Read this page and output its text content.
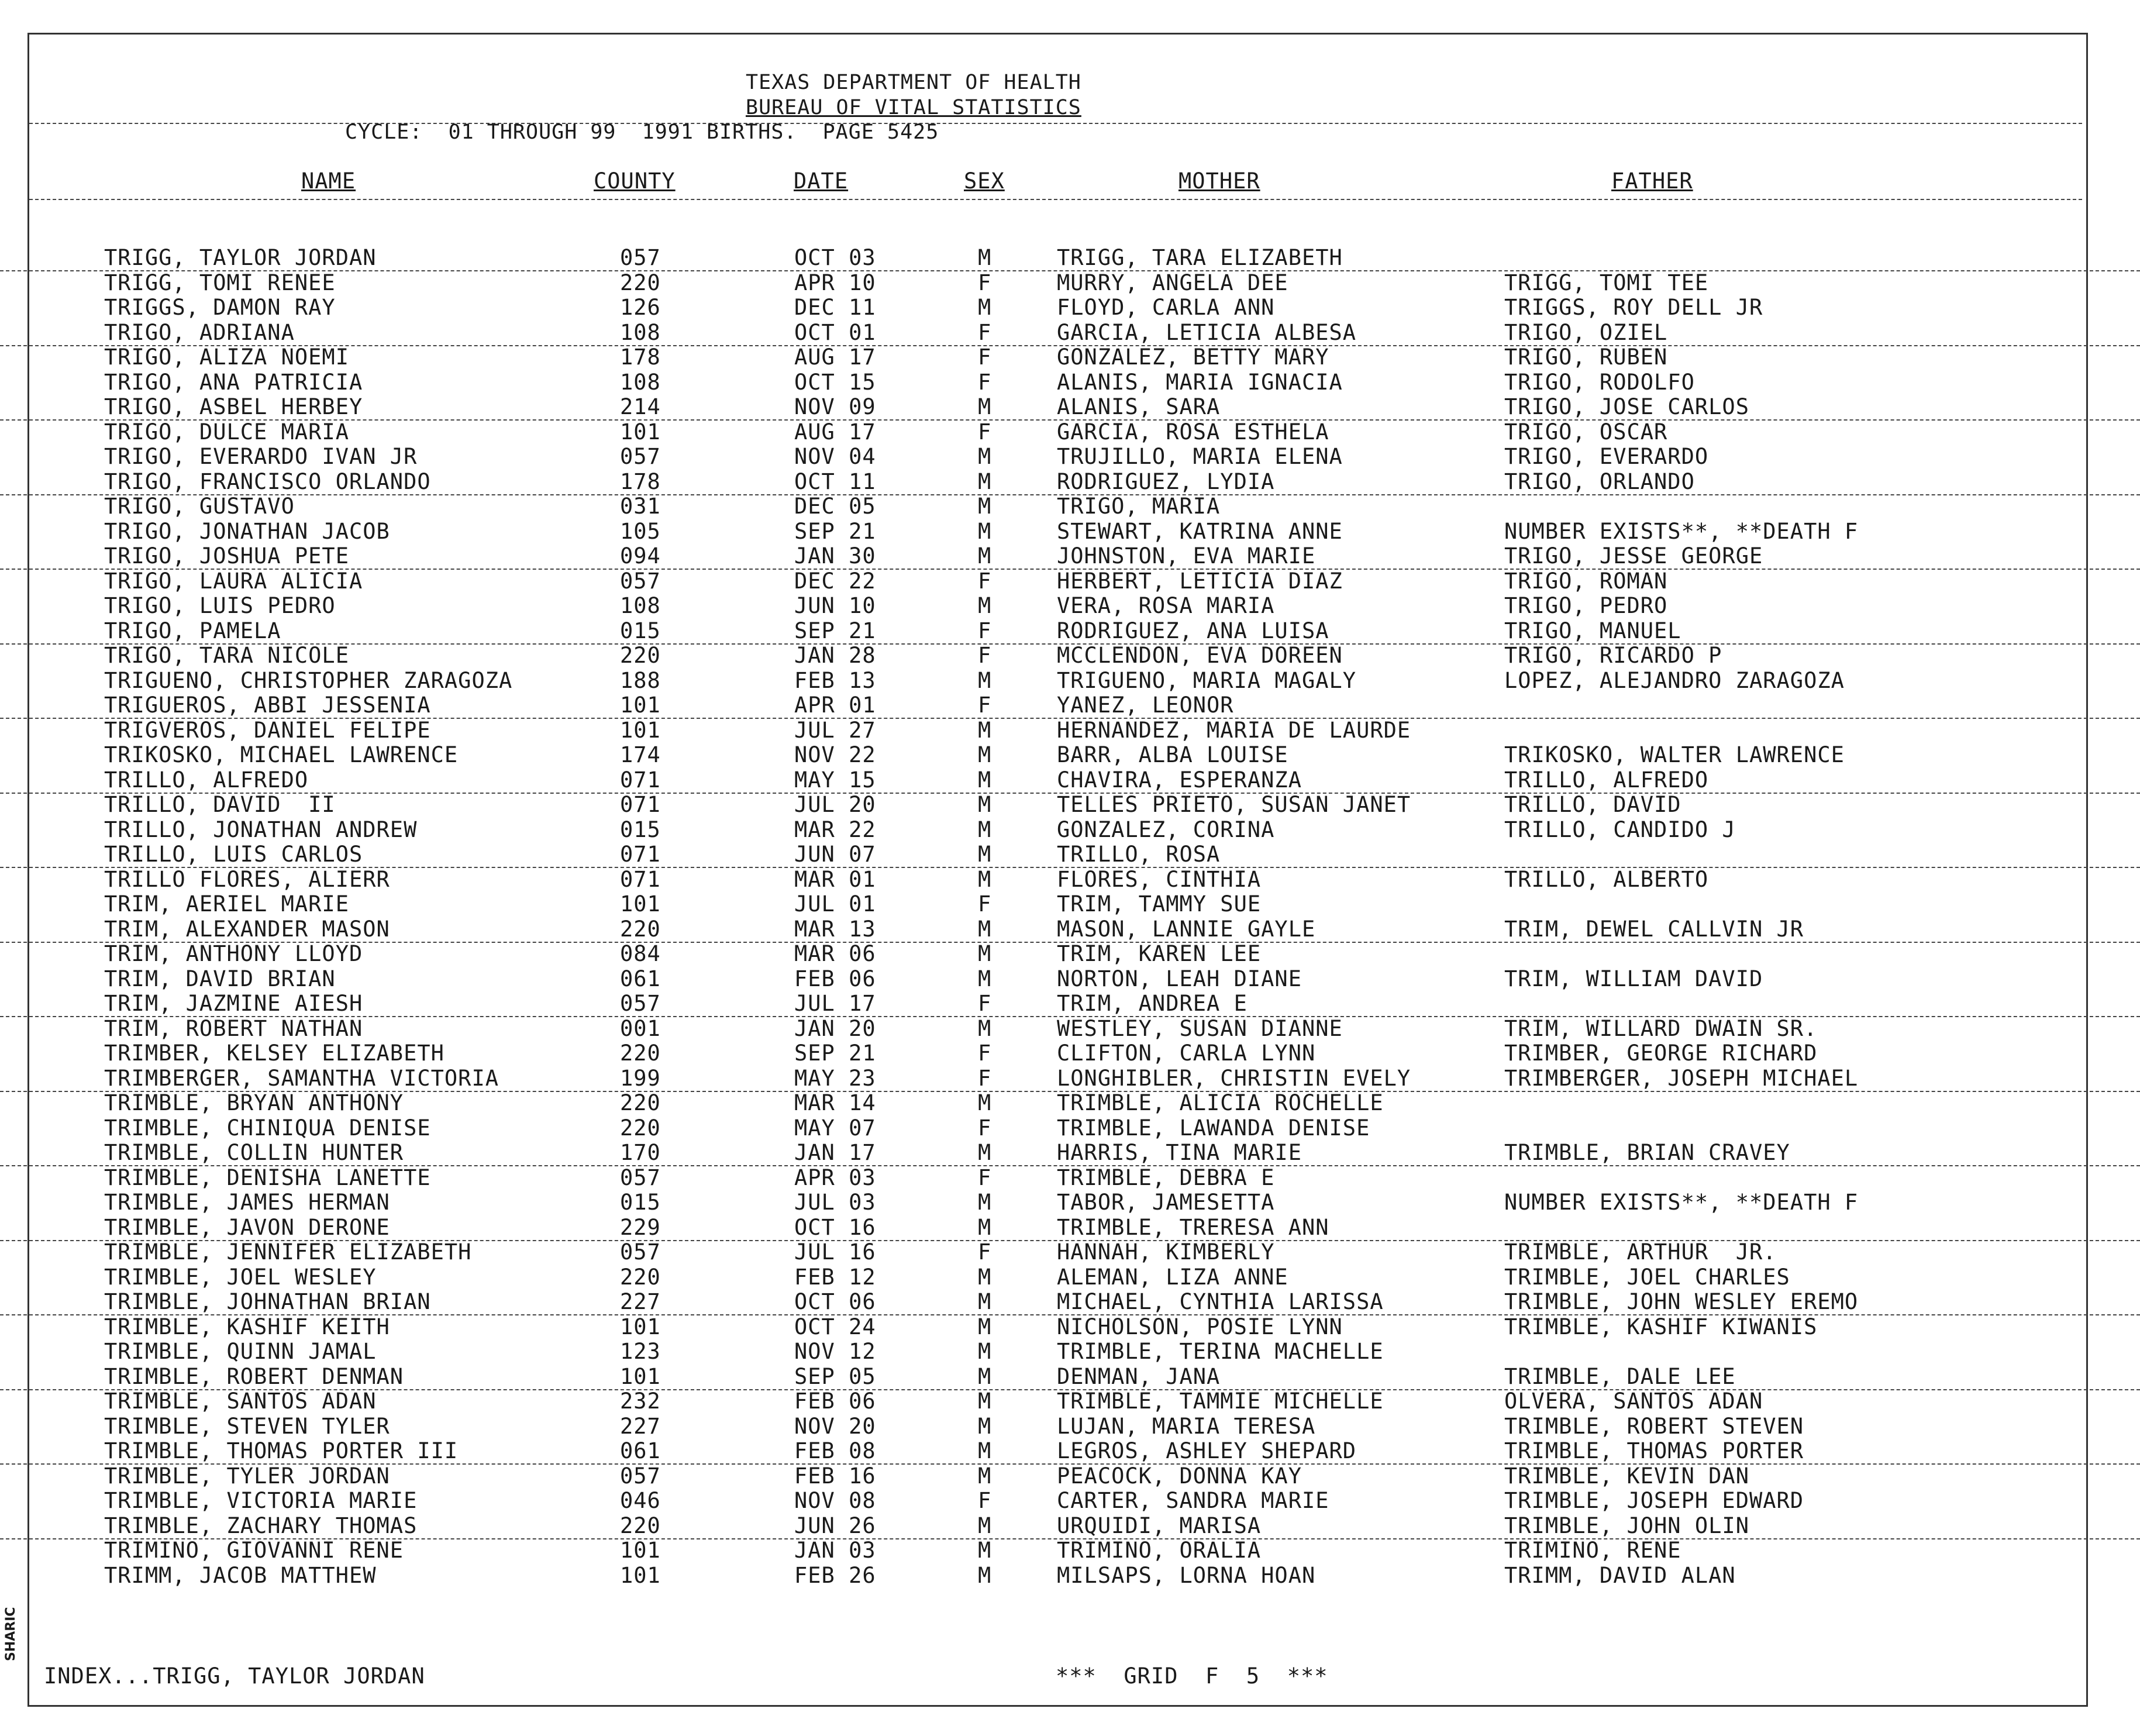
TEXAS DEPARTMENT OF HEALTH
BUREAU OF VITAL STATISTICS
CYCLE:  01 THROUGH 99  1991 BIRTHS.  PAGE 5425
NAME	COUNTY	DATE	SEX	MOTHER	FATHER
TRIGG, TAYLOR JORDAN	057	OCT 03	M	TRIGG, TARA ELIZABETH
TRIGG, TOMI RENEE	220	APR 10	F	MURRY, ANGELA DEE	TRIGG, TOMI TEE
TRIGGS, DAMON RAY	126	DEC 11	M	FLOYD, CARLA ANN	TRIGGS, ROY DELL JR
TRIGO, ADRIANA	108	OCT 01	F	GARCIA, LETICIA ALBESA	TRIGO, OZIEL
TRIGO, ALIZA NOEMI	178	AUG 17	F	GONZALEZ, BETTY MARY	TRIGO, RUBEN
TRIGO, ANA PATRICIA	108	OCT 15	F	ALANIS, MARIA IGNACIA	TRIGO, RODOLFO
TRIGO, ASBEL HERBEY	214	NOV 09	M	ALANIS, SARA	TRIGO, JOSE CARLOS
TRIGO, DULCE MARIA	101	AUG 17	F	GARCIA, ROSA ESTHELA	TRIGO, OSCAR
TRIGO, EVERARDO IVAN JR	057	NOV 04	M	TRUJILLO, MARIA ELENA	TRIGO, EVERARDO
TRIGO, FRANCISCO ORLANDO	178	OCT 11	M	RODRIGUEZ, LYDIA	TRIGO, ORLANDO
TRIGO, GUSTAVO	031	DEC 05	M	TRIGO, MARIA
TRIGO, JONATHAN JACOB	105	SEP 21	M	STEWART, KATRINA ANNE	NUMBER EXISTS**, **DEATH F
TRIGO, JOSHUA PETE	094	JAN 30	M	JOHNSTON, EVA MARIE	TRIGO, JESSE GEORGE
TRIGO, LAURA ALICIA	057	DEC 22	F	HERBERT, LETICIA DIAZ	TRIGO, ROMAN
TRIGO, LUIS PEDRO	108	JUN 10	M	VERA, ROSA MARIA	TRIGO, PEDRO
TRIGO, PAMELA	015	SEP 21	F	RODRIGUEZ, ANA LUISA	TRIGO, MANUEL
TRIGO, TARA NICOLE	220	JAN 28	F	MCCLENDON, EVA DOREEN	TRIGO, RICARDO P
TRIGUENO, CHRISTOPHER ZARAGOZA	188	FEB 13	M	TRIGUENO, MARIA MAGALY	LOPEZ, ALEJANDRO ZARAGOZA
TRIGUEROS, ABBI JESSENIA	101	APR 01	F	YANEZ, LEONOR
TRIGVEROS, DANIEL FELIPE	101	JUL 27	M	HERNANDEZ, MARIA DE LAURDE
TRIKOSKO, MICHAEL LAWRENCE	174	NOV 22	M	BARR, ALBA LOUISE	TRIKOSKO, WALTER LAWRENCE
TRILLO, ALFREDO	071	MAY 15	M	CHAVIRA, ESPERANZA	TRILLO, ALFREDO
TRILLO, DAVID  II	071	JUL 20	M	TELLES PRIETO, SUSAN JANET	TRILLO, DAVID
TRILLO, JONATHAN ANDREW	015	MAR 22	M	GONZALEZ, CORINA	TRILLO, CANDIDO J
TRILLO, LUIS CARLOS	071	JUN 07	M	TRILLO, ROSA
TRILLO FLORES, ALIERR	071	MAR 01	M	FLORES, CINTHIA	TRILLO, ALBERTO
TRIM, AERIEL MARIE	101	JUL 01	F	TRIM, TAMMY SUE
TRIM, ALEXANDER MASON	220	MAR 13	M	MASON, LANNIE GAYLE	TRIM, DEWEL CALLVIN JR
TRIM, ANTHONY LLOYD	084	MAR 06	M	TRIM, KAREN LEE
TRIM, DAVID BRIAN	061	FEB 06	M	NORTON, LEAH DIANE	TRIM, WILLIAM DAVID
TRIM, JAZMINE AIESH	057	JUL 17	F	TRIM, ANDREA E
TRIM, ROBERT NATHAN	001	JAN 20	M	WESTLEY, SUSAN DIANNE	TRIM, WILLARD DWAIN SR.
TRIMBER, KELSEY ELIZABETH	220	SEP 21	F	CLIFTON, CARLA LYNN	TRIMBER, GEORGE RICHARD
TRIMBERGER, SAMANTHA VICTORIA	199	MAY 23	F	LONGHIBLER, CHRISTIN EVELY	TRIMBERGER, JOSEPH MICHAEL
TRIMBLE, BRYAN ANTHONY	220	MAR 14	M	TRIMBLE, ALICIA ROCHELLE
TRIMBLE, CHINIQUA DENISE	220	MAY 07	F	TRIMBLE, LAWANDA DENISE
TRIMBLE, COLLIN HUNTER	170	JAN 17	M	HARRIS, TINA MARIE	TRIMBLE, BRIAN CRAVEY
TRIMBLE, DENISHA LANETTE	057	APR 03	F	TRIMBLE, DEBRA E
TRIMBLE, JAMES HERMAN	015	JUL 03	M	TABOR, JAMESETTA	NUMBER EXISTS**, **DEATH F
TRIMBLE, JAVON DERONE	229	OCT 16	M	TRIMBLE, TRERESA ANN
TRIMBLE, JENNIFER ELIZABETH	057	JUL 16	F	HANNAH, KIMBERLY	TRIMBLE, ARTHUR  JR.
TRIMBLE, JOEL WESLEY	220	FEB 12	M	ALEMAN, LIZA ANNE	TRIMBLE, JOEL CHARLES
TRIMBLE, JOHNATHAN BRIAN	227	OCT 06	M	MICHAEL, CYNTHIA LARISSA	TRIMBLE, JOHN WESLEY EREMO
TRIMBLE, KASHIF KEITH	101	OCT 24	M	NICHOLSON, POSIE LYNN	TRIMBLE, KASHIF KIWANIS
TRIMBLE, QUINN JAMAL	123	NOV 12	M	TRIMBLE, TERINA MACHELLE
TRIMBLE, ROBERT DENMAN	101	SEP 05	M	DENMAN, JANA	TRIMBLE, DALE LEE
TRIMBLE, SANTOS ADAN	232	FEB 06	M	TRIMBLE, TAMMIE MICHELLE	OLVERA, SANTOS ADAN
TRIMBLE, STEVEN TYLER	227	NOV 20	M	LUJAN, MARIA TERESA	TRIMBLE, ROBERT STEVEN
TRIMBLE, THOMAS PORTER III	061	FEB 08	M	LEGROS, ASHLEY SHEPARD	TRIMBLE, THOMAS PORTER
TRIMBLE, TYLER JORDAN	057	FEB 16	M	PEACOCK, DONNA KAY	TRIMBLE, KEVIN DAN
TRIMBLE, VICTORIA MARIE	046	NOV 08	F	CARTER, SANDRA MARIE	TRIMBLE, JOSEPH EDWARD
TRIMBLE, ZACHARY THOMAS	220	JUN 26	M	URQUIDI, MARISA	TRIMBLE, JOHN OLIN
TRIMINO, GIOVANNI RENE	101	JAN 03	M	TRIMINO, ORALIA	TRIMINO, RENE
TRIMM, JACOB MATTHEW	101	FEB 26	M	MILSAPS, LORNA HOAN	TRIMM, DAVID ALAN
INDEX...TRIGG, TAYLOR JORDAN	***  GRID  F  5  ***
SHARIC
